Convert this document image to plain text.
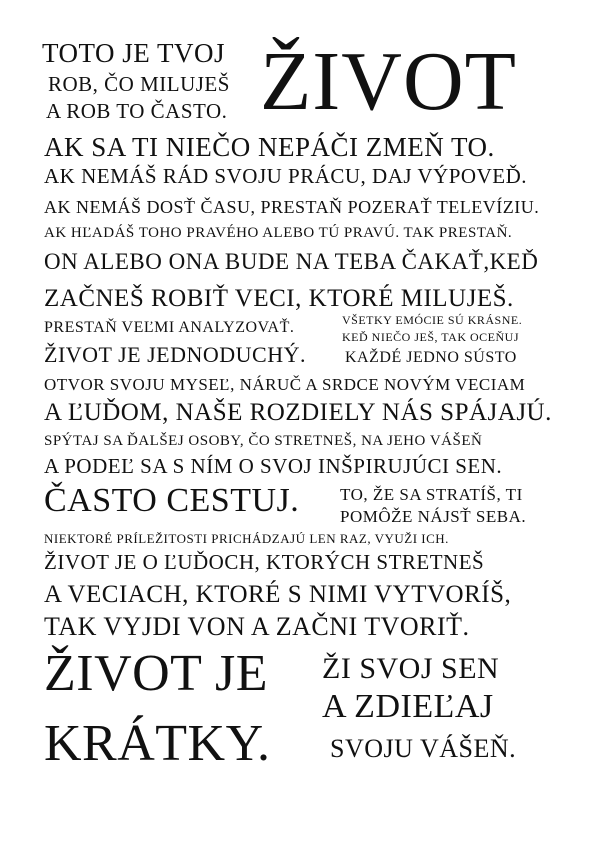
TOTO JE TVOJ
ROB, ČO MILUJEŠ
A ROB TO ČASTO. ŽIVOT
AK SA TI NIEČO NEPÁČI ZMEŇ TO.
AK NEMÁŠ RÁD SVOJU PRÁCU, DAJ VÝPOVEĎ.
AK NEMÁŠ DOSŤ ČASU, PRESTAŇ POZERAŤ TELEVÍZIU.
AK HĽADÁŠ TOHO PRAVÉHO ALEBO TÚ PRAVÚ. TAK PRESTAŇ.
ON ALEBO ONA BUDE NA TEBA ČAKAŤ,KEĎ
ZAČNEŠ ROBIŤ VECI, KTORÉ MILUJEŠ.
PRESTAŇ VEĽMI ANALYZOVAŤ.	VŠETKY EMÓCIE SÚ KRÁSNE.
KEĎ NIEČO JEŠ, TAK OCEŇUJ
ŽIVOT JE JEDNODUCHÝ. KAŽDÉ JEDNO SÚSTO
OTVOR SVOJU MYSEĽ, NÁRUČ A SRDCE NOVÝM VECIAM
A ĽUĎOM, NAŠE ROZDIELY NÁS SPÁJAJÚ.
SPÝTAJ SA ĎALŠEJ OSOBY, ČO STRETNEŠ, NA JEHO VÁŠEŇ
A PODEĽ SA S NÍM O SVOJ INŠPIRUJÚCI SEN.
ČASTO CESTUJ. TO, ŽE SA STRATÍŠ, TI
POMÔŽE NÁJSŤ SEBA.
NIEKTORÉ PRÍLEŽITOSTI PRICHÁDZAJÚ LEN RAZ, VYUŽI ICH.
ŽIVOT JE O ĽUĎOCH, KTORÝCH STRETNEŠ
A VECIACH, KTORÉ S NIMI VYTVORÍŠ,
TAK VYJDI VON A ZAČNI TVORIŤ.
ŽIVOT JE
KRÁTKY.
ŽI SVOJ SEN
A ZDIEĽAJ
SVOJU VÁŠEŇ.
